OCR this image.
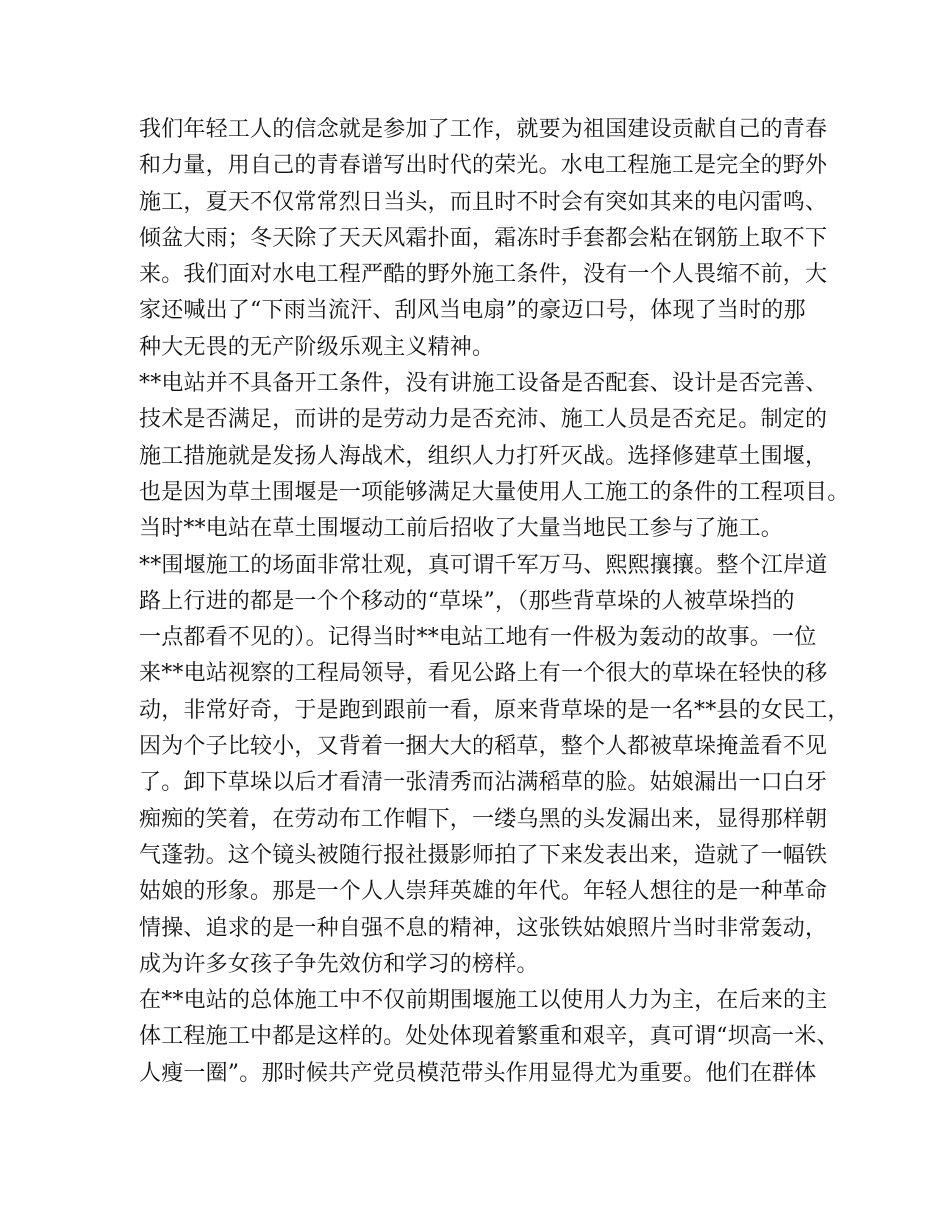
我们年轻工人的信念就是参加了工作，就要为祖国建设贡献自己的青春
和力量，用自己的青春谱写出时代的荣光。水电工程施工是完全的野外
施工，夏天不仅常常烈日当头，而且时不时会有突如其来的电闪雷鸣、
倾盆大雨；冬天除了天天风霜扑面，霜冻时手套都会粘在钢筋上取不下
来。我们面对水电工程严酷的野外施工条件，没有一个人畏缩不前，大
家还喊出了“下雨当流汗、刮风当电扇”的豪迈口号，体现了当时的那
种大无畏的无产阶级乐观主义精神。
**电站并不具备开工条件，没有讲施工设备是否配套、设计是否完善、
技术是否满足，而讲的是劳动力是否充沛、施工人员是否充足。制定的
施工措施就是发扬人海战术，组织人力打歼灭战。选择修建草土围堰，
也是因为草土围堰是一项能够满足大量使用人工施工的条件的工程项目。
当时**电站在草土围堰动工前后招收了大量当地民工参与了施工。
**围堰施工的场面非常壮观，真可谓千军万马、熙熙攘攘。整个江岸道
路上行进的都是一个个移动的“草垛”，（那些背草垛的人被草垛挡的
一点都看不见的）。记得当时**电站工地有一件极为轰动的故事。一位
来**电站视察的工程局领导，看见公路上有一个很大的草垛在轻快的移
动，非常好奇，于是跑到跟前一看，原来背草垛的是一名**县的女民工，
因为个子比较小，又背着一捆大大的稻草，整个人都被草垛掩盖看不见
了。卸下草垛以后才看清一张清秀而沾满稻草的脸。姑娘漏出一口白牙
痴痴的笑着，在劳动布工作帽下，一缕乌黑的头发漏出来，显得那样朝
气蓬勃。这个镜头被随行报社摄影师拍了下来发表出来，造就了一幅铁
姑娘的形象。那是一个人人崇拜英雄的年代。年轻人想往的是一种革命
情操、追求的是一种自强不息的精神，这张铁姑娘照片当时非常轰动，
成为许多女孩子争先效仿和学习的榜样。
在**电站的总体施工中不仅前期围堰施工以使用人力为主，在后来的主
体工程施工中都是这样的。处处体现着繁重和艰辛，真可谓“坝高一米、
人瘦一圈”。那时候共产党员模范带头作用显得尤为重要。他们在群体
